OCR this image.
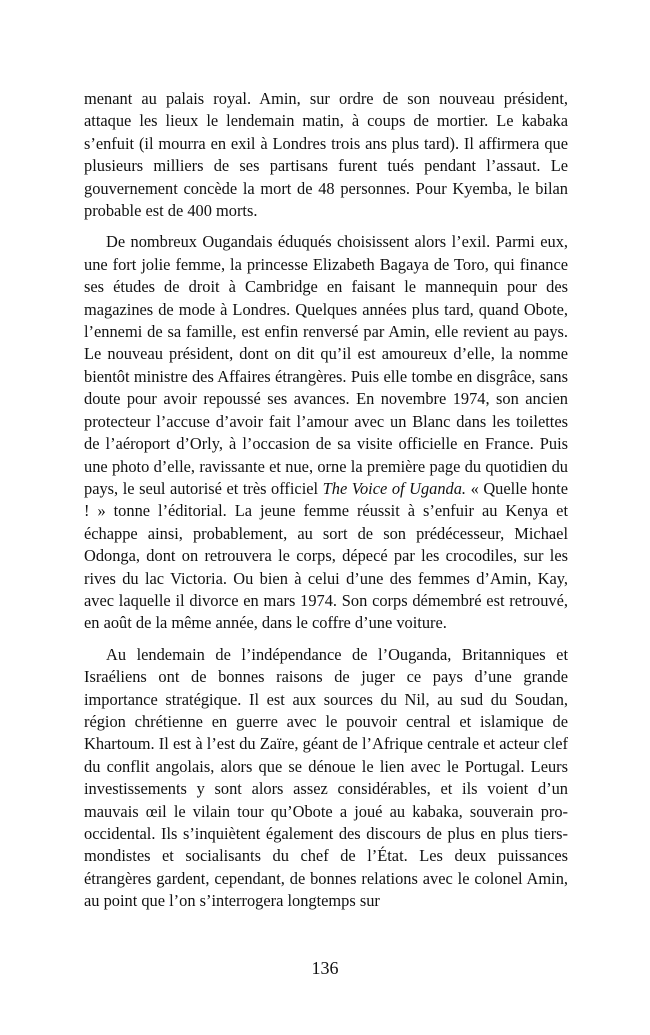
menant au palais royal. Amin, sur ordre de son nouveau président, attaque les lieux le lendemain matin, à coups de mortier. Le kabaka s’enfuit (il mourra en exil à Londres trois ans plus tard). Il affirmera que plusieurs milliers de ses partisans furent tués pendant l’assaut. Le gouvernement concède la mort de 48 personnes. Pour Kyemba, le bilan probable est de 400 morts.

De nombreux Ougandais éduqués choisissent alors l’exil. Parmi eux, une fort jolie femme, la princesse Elizabeth Bagaya de Toro, qui finance ses études de droit à Cambridge en faisant le mannequin pour des magazines de mode à Londres. Quelques années plus tard, quand Obote, l’ennemi de sa famille, est enfin renversé par Amin, elle revient au pays. Le nouveau président, dont on dit qu’il est amoureux d’elle, la nomme bientôt ministre des Affaires étrangères. Puis elle tombe en disgrâce, sans doute pour avoir repoussé ses avances. En novembre 1974, son ancien protecteur l’accuse d’avoir fait l’amour avec un Blanc dans les toilettes de l’aéroport d’Orly, à l’occasion de sa visite officielle en France. Puis une photo d’elle, ravissante et nue, orne la première page du quotidien du pays, le seul autorisé et très officiel The Voice of Uganda. « Quelle honte ! » tonne l’éditorial. La jeune femme réussit à s’enfuir au Kenya et échappe ainsi, probablement, au sort de son prédécesseur, Michael Odonga, dont on retrouvera le corps, dépecé par les crocodiles, sur les rives du lac Victoria. Ou bien à celui d’une des femmes d’Amin, Kay, avec laquelle il divorce en mars 1974. Son corps démembré est retrouvé, en août de la même année, dans le coffre d’une voiture.

Au lendemain de l’indépendance de l’Ouganda, Britanniques et Israéliens ont de bonnes raisons de juger ce pays d’une grande importance stratégique. Il est aux sources du Nil, au sud du Soudan, région chrétienne en guerre avec le pouvoir central et islamique de Khartoum. Il est à l’est du Zaïre, géant de l’Afrique centrale et acteur clef du conflit angolais, alors que se dénoue le lien avec le Portugal. Leurs investissements y sont alors assez considérables, et ils voient d’un mauvais œil le vilain tour qu’Obote a joué au kabaka, souverain pro-occidental. Ils s’inquiètent également des discours de plus en plus tiers-mondistes et socialisants du chef de l’État. Les deux puissances étrangères gardent, cependant, de bonnes relations avec le colonel Amin, au point que l’on s’interrogera longtemps sur

136
